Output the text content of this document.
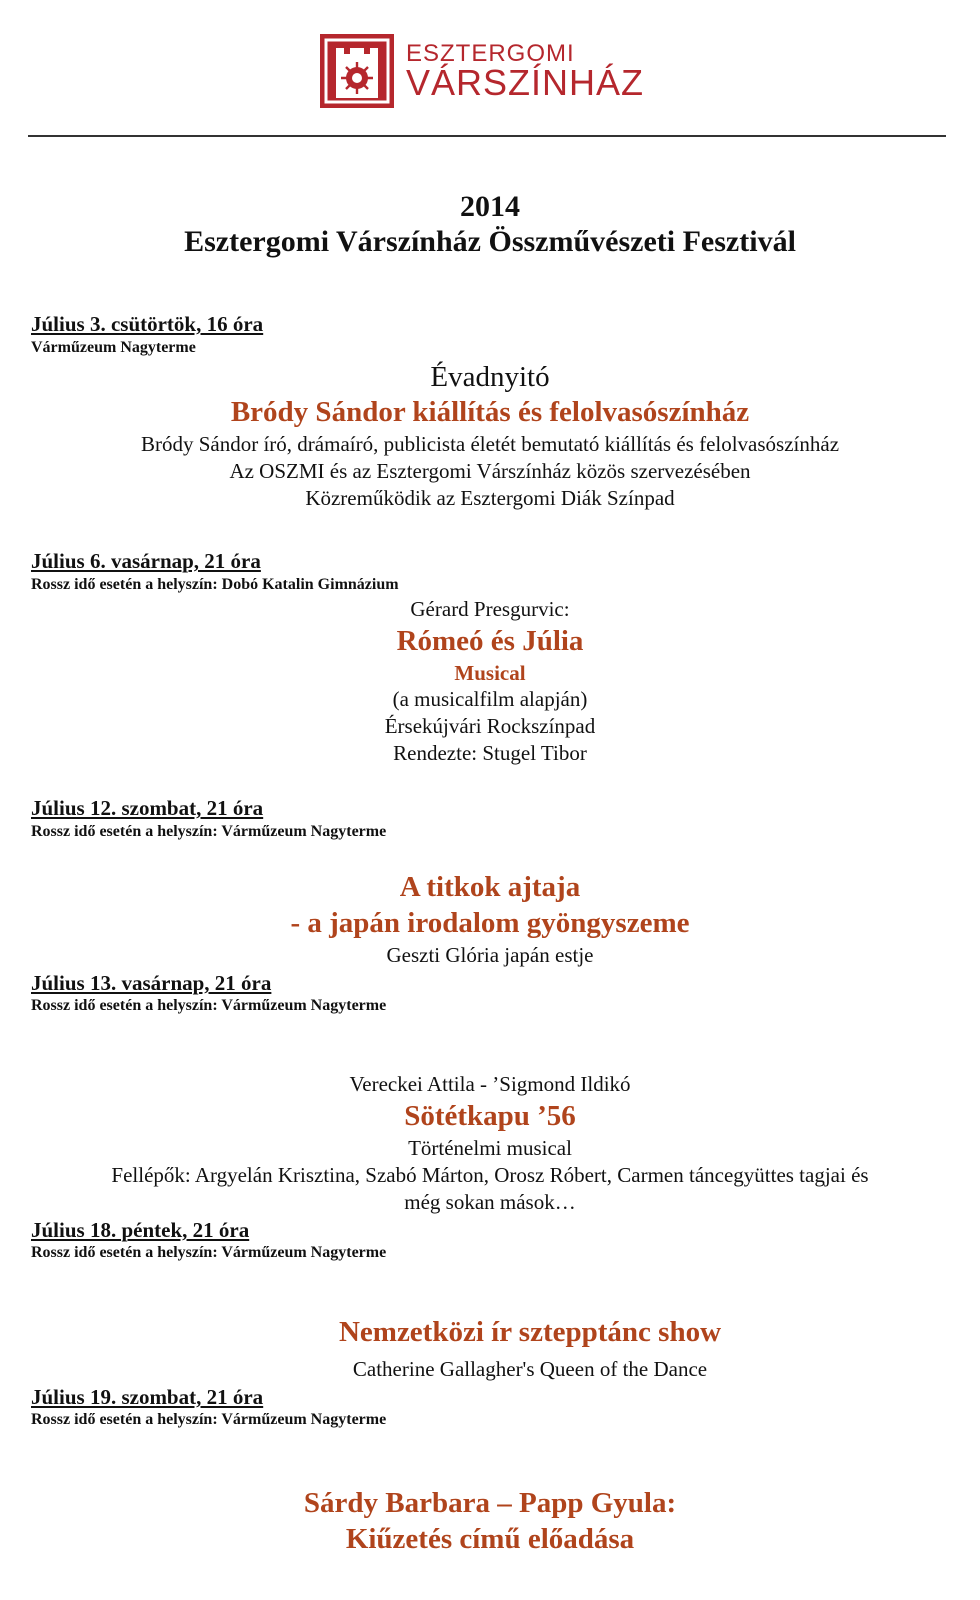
ESZTERGOMI
VÁRSZÍNHÁZ
2014
Esztergomi Várszínház Összművészeti Fesztivál
Július 3. csütörtök, 16 óra
Várműzeum Nagyterme
Évadnyitó
Bródy Sándor kiállítás és felolvasószínház
Bródy Sándor író, drámaíró, publicista életét bemutató kiállítás és felolvasószínház
Az OSZMI és az Esztergomi Várszínház közös szervezésében
Közreműködik az Esztergomi Diák Színpad
Július 6. vasárnap, 21 óra
Rossz idő esetén a helyszín: Dobó Katalin Gimnázium
Gérard Presgurvic:
Rómeó és Júlia
Musical
(a musicalfilm alapján)
Érsekújvári Rockszínpad
Rendezte: Stugel Tibor
Július 12. szombat, 21 óra
Rossz idő esetén a helyszín: Várműzeum Nagyterme
A titkok ajtaja
- a japán irodalom gyöngyszeme
Geszti Glória japán estje
Július 13. vasárnap, 21 óra
Rossz idő esetén a helyszín: Várműzeum Nagyterme
Vereckei Attila - ’Sigmond Ildikó
Sötétkapu ’56
Történelmi musical
Fellépők: Argyelán Krisztina, Szabó Márton, Orosz Róbert, Carmen táncegyüttes tagjai és
még sokan mások…
Július 18. péntek, 21 óra
Rossz idő esetén a helyszín: Várműzeum Nagyterme
Nemzetközi ír sztepptánc show
Catherine Gallagher's Queen of the Dance
Július 19. szombat, 21 óra
Rossz idő esetén a helyszín: Várműzeum Nagyterme
Sárdy Barbara – Papp Gyula:
Kiűzetés című előadása
